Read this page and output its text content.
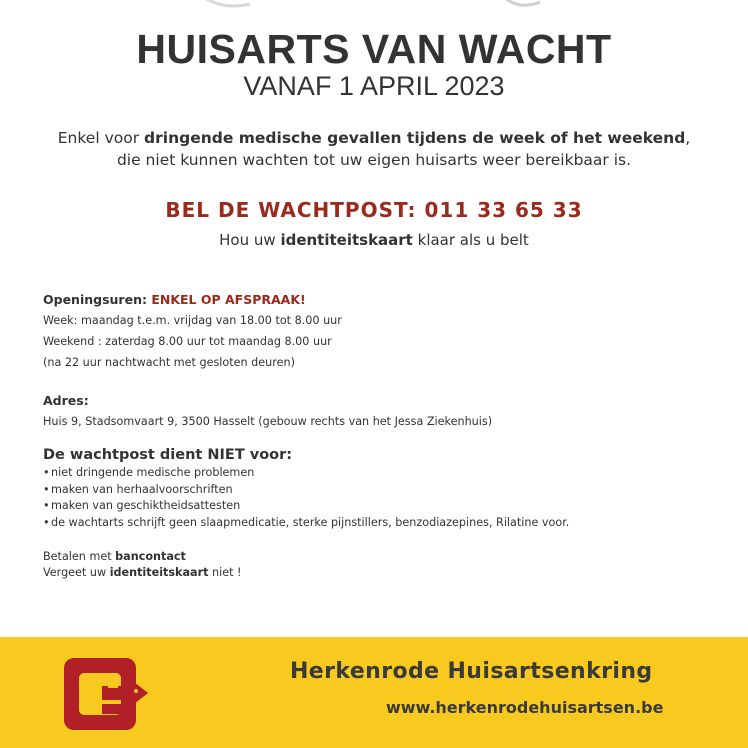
HUISARTS VAN WACHT
VANAF 1 APRIL 2023
Enkel voor dringende medische gevallen tijdens de week of het weekend,
die niet kunnen wachten tot uw eigen huisarts weer bereikbaar is.
BEL DE WACHTPOST: 011 33 65 33
Hou uw identiteitskaart klaar als u belt
Openingsuren: ENKEL OP AFSPRAAK!
Week: maandag t.e.m. vrijdag van 18.00 tot 8.00 uur
Weekend : zaterdag 8.00 uur tot maandag 8.00 uur
(na 22 uur nachtwacht met gesloten deuren)
Adres:
Huis 9, Stadsomvaart 9, 3500 Hasselt (gebouw rechts van het Jessa Ziekenhuis)
De wachtpost dient NIET voor:
•niet dringende medische problemen
•maken van herhaalvoorschriften
•maken van geschiktheidsattesten
•de wachtarts schrijft geen slaapmedicatie, sterke pijnstillers, benzodiazepines, Rilatine voor.
Betalen met bancontact
Vergeet uw identiteitskaart niet !
Herkenrode Huisartsenkring
www.herkenrodehuisartsen.be
